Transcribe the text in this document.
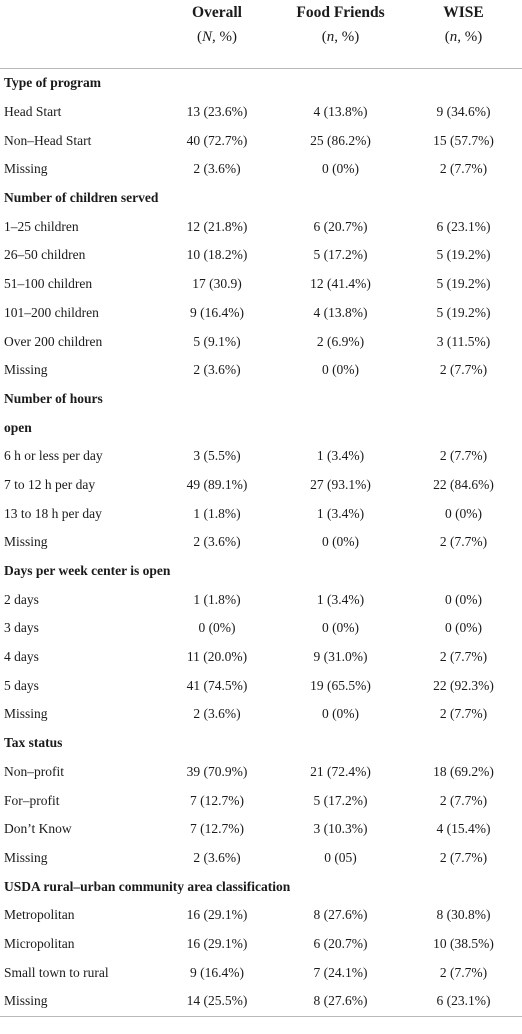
	Overall	Food Friends	WISE
	(N, %)	(n, %)	(n, %)
Type of program			
Head Start	13 (23.6%)	4 (13.8%)	9 (34.6%)
Non–Head Start	40 (72.7%)	25 (86.2%)	15 (57.7%)
Missing	2 (3.6%)	0 (0%)	2 (7.7%)
Number of children served			
1–25 children	12 (21.8%)	6 (20.7%)	6 (23.1%)
26–50 children	10 (18.2%)	5 (17.2%)	5 (19.2%)
51–100 children	17 (30.9)	12 (41.4%)	5 (19.2%)
101–200 children	9 (16.4%)	4 (13.8%)	5 (19.2%)
Over 200 children	5 (9.1%)	2 (6.9%)	3 (11.5%)
Missing	2 (3.6%)	0 (0%)	2 (7.7%)
Number of hours			
open			
6 h or less per day	3 (5.5%)	1 (3.4%)	2 (7.7%)
7 to 12 h per day	49 (89.1%)	27 (93.1%)	22 (84.6%)
13 to 18 h per day	1 (1.8%)	1 (3.4%)	0 (0%)
Missing	2 (3.6%)	0 (0%)	2 (7.7%)
Days per week center is open			
2 days	1 (1.8%)	1 (3.4%)	0 (0%)
3 days	0 (0%)	0 (0%)	0 (0%)
4 days	11 (20.0%)	9 (31.0%)	2 (7.7%)
5 days	41 (74.5%)	19 (65.5%)	22 (92.3%)
Missing	2 (3.6%)	0 (0%)	2 (7.7%)
Tax status			
Non–profit	39 (70.9%)	21 (72.4%)	18 (69.2%)
For–profit	7 (12.7%)	5 (17.2%)	2 (7.7%)
Don’t Know	7 (12.7%)	3 (10.3%)	4 (15.4%)
Missing	2 (3.6%)	0 (05)	2 (7.7%)
USDA rural–urban community area classification			
Metropolitan	16 (29.1%)	8 (27.6%)	8 (30.8%)
Micropolitan	16 (29.1%)	6 (20.7%)	10 (38.5%)
Small town to rural	9 (16.4%)	7 (24.1%)	2 (7.7%)
Missing	14 (25.5%)	8 (27.6%)	6 (23.1%)
